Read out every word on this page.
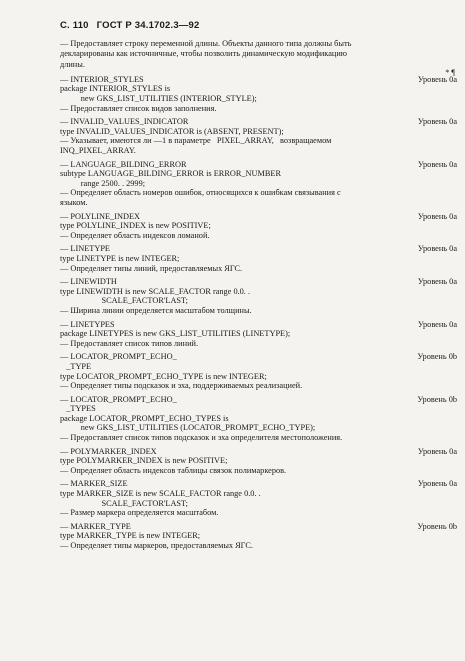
С. 110 ГОСТ Р 34.1702.3—92
— Предоставляет строку переменной длины. Объекты данного типа должны быть
декларированы как источничные, чтобы позволить динамическую модификацию
длины.
* ¶
— INTERIOR_STYLES	Уровень 0а
package INTERIOR_STYLES is
new GKS_LIST_UTILITIES (INTERIOR_STYLE);
— Предоставляет список видов заполнения.
— INVALID_VALUES_INDICATOR	Уровень 0а
type INVALID_VALUES_INDICATOR is (ABSENT, PRESENT);
— Указывает, имеются ли —1 в параметре   PIXEL_ARRAY,   возвращаемом
INQ_PIXEL_ARRAY.
— LANGUAGE_BILDING_ERROR	Уровень 0а
subtype LANGUAGE_BILDING_ERROR is ERROR_NUMBER
range 2500. . 2999;
— Определяет область номеров ошибок, относящихся к ошибкам связывания с
языком.
— POLYLINE_INDEX	Уровень 0а
type POLYLINE_INDEX is new POSITIVE;
— Определяет область индексов ломаной.
— LINETYPE	Уровень 0а
type LINETYPE is new INTEGER;
— Определяет типы линий, предоставляемых ЯГС.
— LINEWIDTH	Уровень 0а
type LINEWIDTH is new SCALE_FACTOR range 0.0. .
SCALE_FACTOR'LAST;
— Ширина линии определяется масштабом толщины.
— LINETYPES	Уровень 0а
package LINETYPES is new GKS_LIST_UTILITIES (LINETYPE);
— Предоставляет список типов линий.
— LOCATOR_PROMPT_ECHO_	Уровень 0b
_TYPE
type LOCATOR_PROMPT_ECHO_TYPE is new INTEGER;
— Определяет типы подсказок и эха, поддерживаемых реализацией.
— LOCATOR_PROMPT_ECHO_	Уровень 0b
_TYPES
package LOCATOR_PROMPT_ECHO_TYPES is
new GKS_LIST_UTILITIES (LOCATOR_PROMPT_ECHO_TYPE);
— Предоставляет список типов подсказок и эха определителя местоположения.
— POLYMARKER_INDEX	Уровень 0а
type POLYMARKER_INDEX is new POSITIVE;
— Определяет область индексов таблицы связок полимаркеров.
— MARKER_SIZE	Уровень 0а
type MARKER_SIZE is new SCALE_FACTOR range 0.0. .
SCALE_FACTOR'LAST;
— Размер маркера определяется масштабом.
— MARKER_TYPE	Уровень 0b
type MARKER_TYPE is new INTEGER;
— Определяет типы маркеров, предоставляемых ЯГС.
